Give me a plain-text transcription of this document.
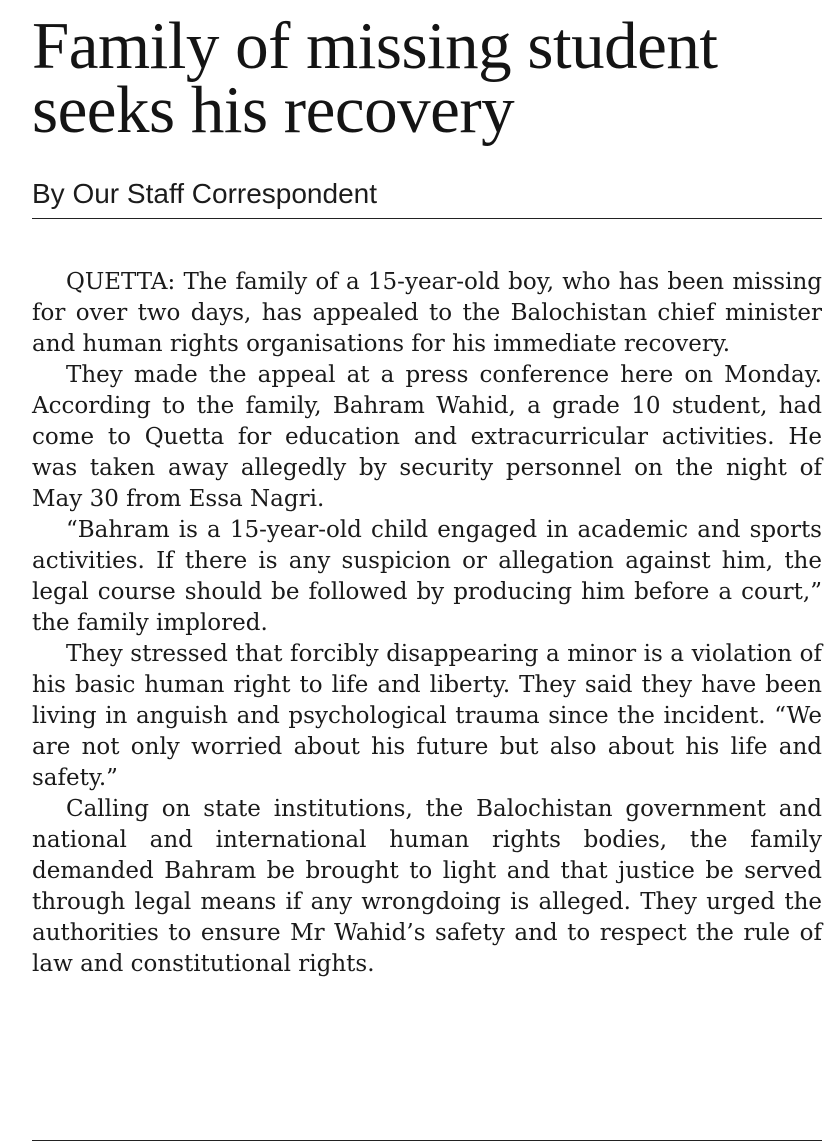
Family of missing student seeks his recovery
By Our Staff Correspondent

QUETTA: The family of a 15-year-old boy, who has been missing for over two days, has appealed to the Balochistan chief minister and human rights organisations for his immediate recovery.

They made the appeal at a press conference here on Monday. According to the family, Bahram Wahid, a grade 10 student, had come to Quetta for education and extracurricular activities. He was taken away allegedly by security personnel on the night of May 30 from Essa Nagri.

“Bahram is a 15-year-old child engaged in academic and sports activities. If there is any suspicion or allegation against him, the legal course should be followed by producing him before a court,” the family implored.

They stressed that forcibly disappearing a minor is a violation of his basic human right to life and liberty. They said they have been living in anguish and psychological trauma since the incident. “We are not only worried about his future but also about his life and safety.”

Calling on state institutions, the Balochistan government and national and international human rights bodies, the family demanded Bahram be brought to light and that justice be served through legal means if any wrongdoing is alleged. They urged the authorities to ensure Mr Wahid’s safety and to respect the rule of law and constitutional rights.
